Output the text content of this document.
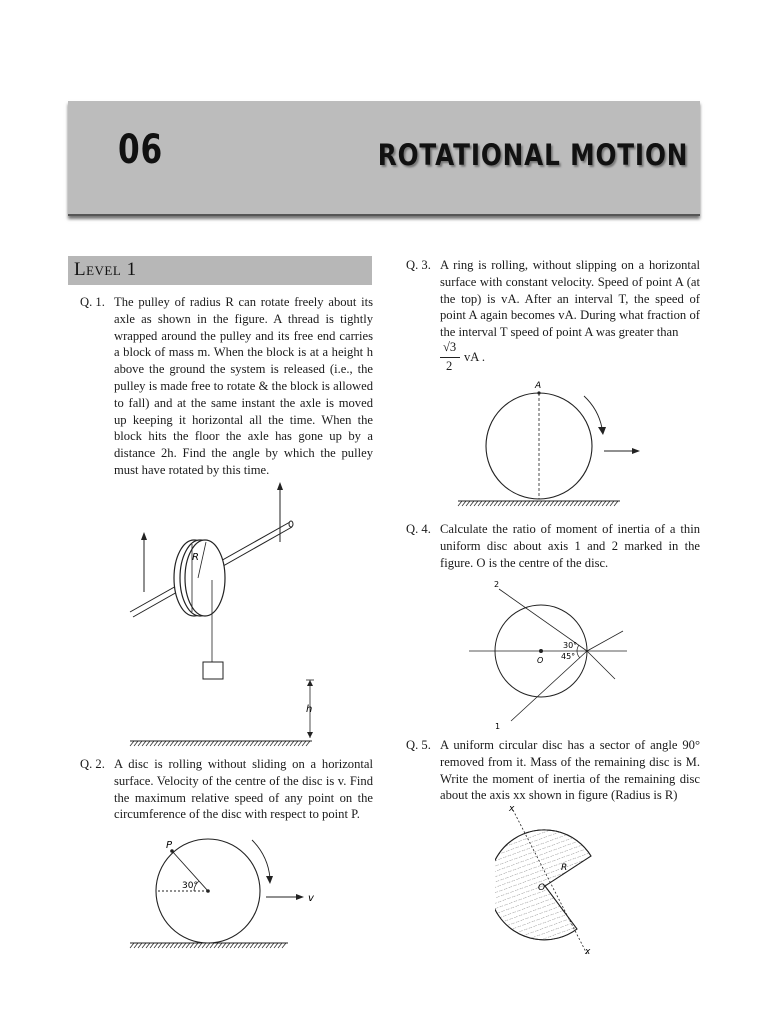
06	ROTATIONAL MOTION
Level 1
Q. 1. The pulley of radius R can rotate freely about its axle as shown in the figure. A thread is tightly wrapped around the pulley and its free end carries a block of mass m. When the block is at a height h above the ground the system is released (i.e., the pulley is made free to rotate & the block is allowed to fall) and at the same instant the axle is moved up keeping it horizontal all the time. When the block hits the floor the axle has gone up by a distance 2h. Find the angle by which the pulley must have rotated by this time.
R
h
Q. 2. A disc is rolling without sliding on a horizontal surface. Velocity of the centre of the disc is v. Find the maximum relative speed of any point on the circumference of the disc with respect to point P.
P
30°
v
Q. 3. A ring is rolling, without slipping on a horizontal surface with constant velocity. Speed of point A (at the top) is vA. After an interval T, the speed of point A again becomes vA. During what fraction of the interval T speed of point A was greater than
√3
2
vA .
A
Q. 4. Calculate the ratio of moment of inertia of a thin uniform disc about axis 1 and 2 marked in the figure. O is the centre of the disc.
O
30°
45°
2
1
Q. 5. A uniform circular disc has a sector of angle 90° removed from it. Mass of the remaining disc is M. Write the moment of inertia of the remaining disc about the axis xx shown in figure (Radius is R)
x
x
O
R
